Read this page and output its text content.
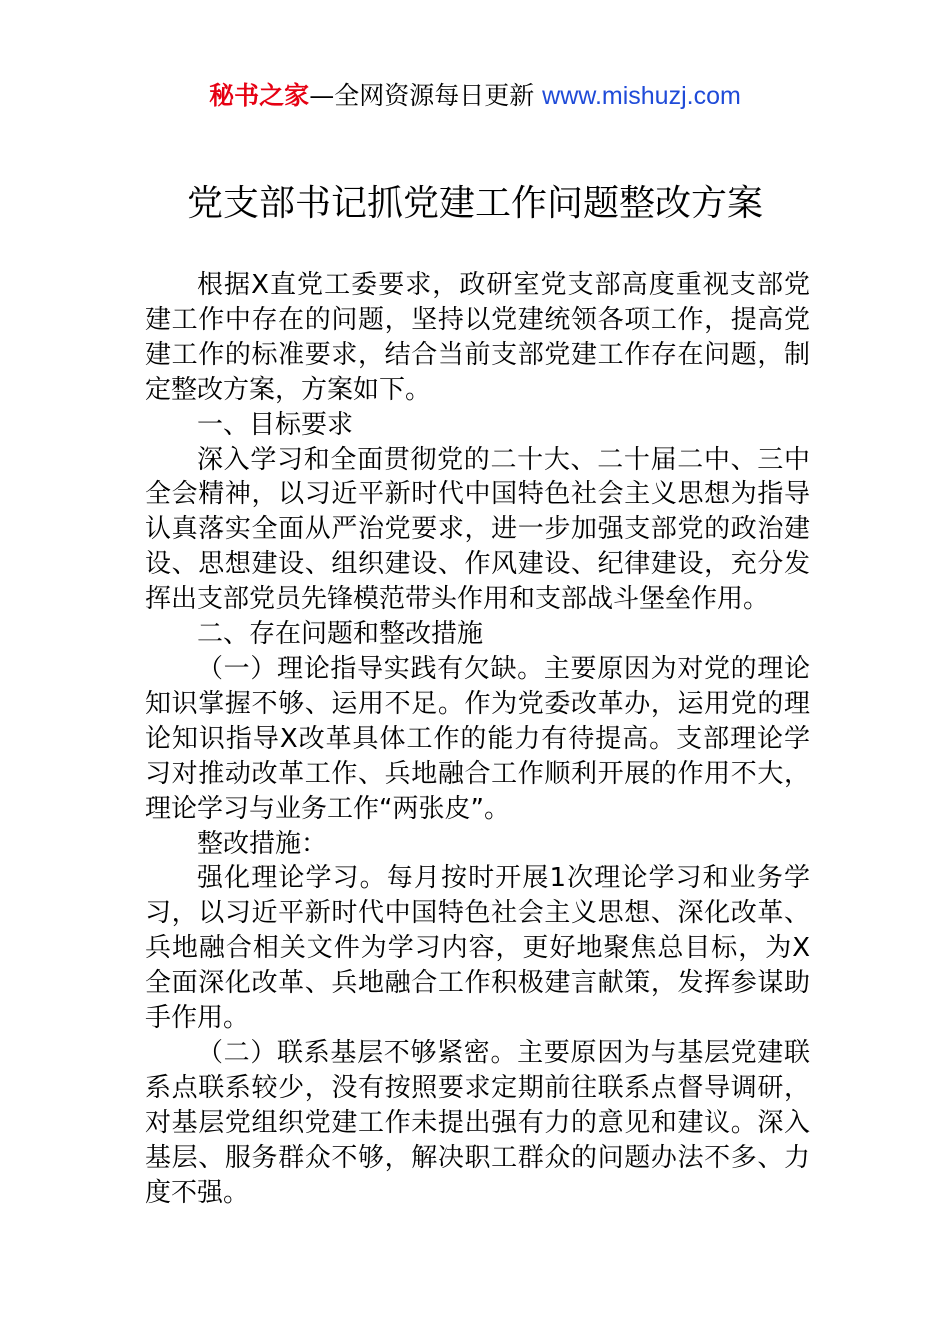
秘书之家—全网资源每日更新 www.mishuzj.com
党支部书记抓党建工作问题整改方案

根据X直党工委要求，政研室党支部高度重视支部党建工作中存在的问题，坚持以党建统领各项工作，提高党建工作的标准要求，结合当前支部党建工作存在问题，制定整改方案，方案如下。

一、目标要求

深入学习和全面贯彻党的二十大、二十届二中、三中全会精神，以习近平新时代中国特色社会主义思想为指导认真落实全面从严治党要求，进一步加强支部党的政治建设、思想建设、组织建设、作风建设、纪律建设，充分发挥出支部党员先锋模范带头作用和支部战斗堡垒作用。

二、存在问题和整改措施

（一）理论指导实践有欠缺。主要原因为对党的理论知识掌握不够、运用不足。作为党委改革办，运用党的理论知识指导X改革具体工作的能力有待提高。支部理论学习对推动改革工作、兵地融合工作顺利开展的作用不大，理论学习与业务工作“两张皮”。

整改措施：

强化理论学习。每月按时开展1次理论学习和业务学习，以习近平新时代中国特色社会主义思想、深化改革、兵地融合相关文件为学习内容，更好地聚焦总目标，为X全面深化改革、兵地融合工作积极建言献策，发挥参谋助手作用。

（二）联系基层不够紧密。主要原因为与基层党建联系点联系较少，没有按照要求定期前往联系点督导调研，对基层党组织党建工作未提出强有力的意见和建议。深入基层、服务群众不够，解决职工群众的问题办法不多、力度不强。
